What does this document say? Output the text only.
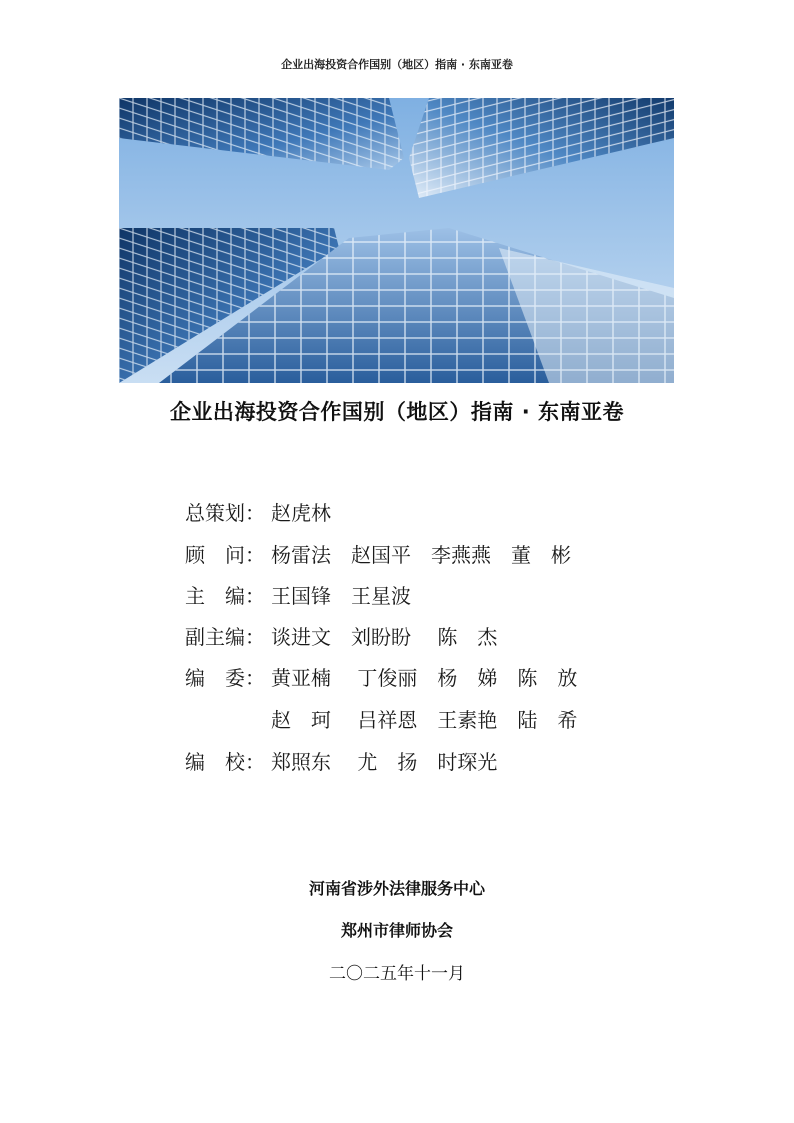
企业出海投资合作国别（地区）指南 · 东南亚卷
企业出海投资合作国别（地区）指南 · 东南亚卷
总策划： 赵虎林
顾　问： 杨雷法　赵国平　李燕燕　董　彬
主　编： 王国锋　王星波
副主编： 谈进文　刘盼盼　 陈　杰
编　委： 黄亚楠　 丁俊丽　杨　娣　陈　放
赵　珂　 吕祥恩　王素艳　陆　希
编　校： 郑照东　 尤　扬　时琛光
河南省涉外法律服务中心
郑州市律师协会
二〇二五年十一月
